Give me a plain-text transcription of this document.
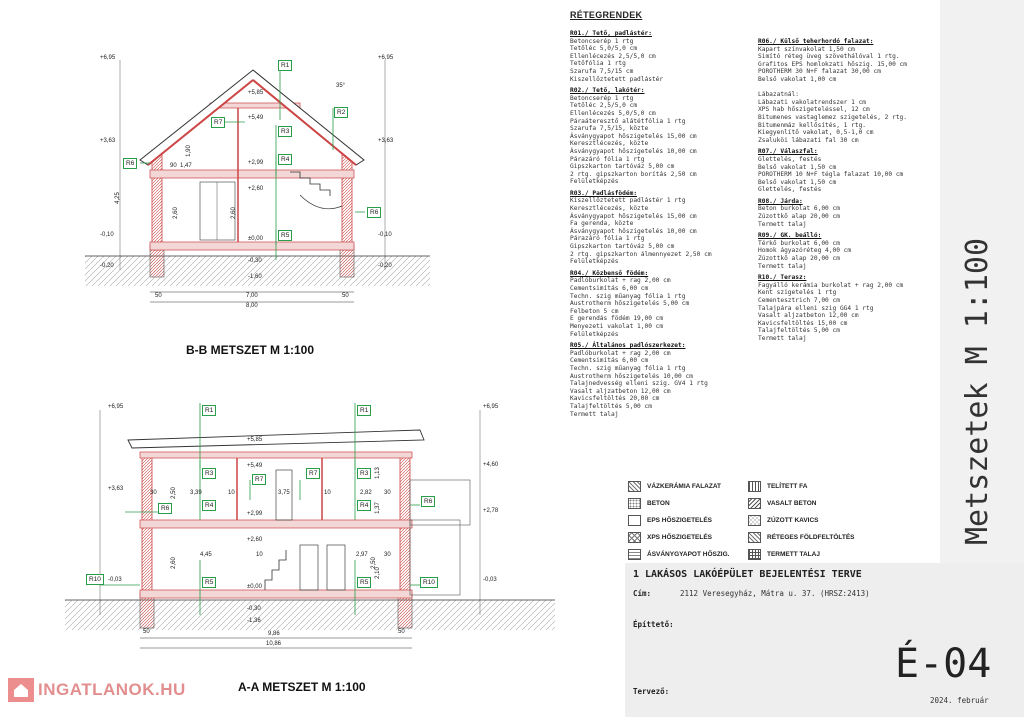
+6,95	+6,95
+5,85
+5,49
+3,63	+3,63
+2,99
+2,60
±0,00
-0,10	-0,10
-0,30
-0,20	-0,20
-1,60
50	7,00	50
8,00
2,60	2,60
4,25
1,47
90
1,90
35°
R1
R2
R3
R4
R5
R6
R6
R7
B-B METSZET M 1:100
+6,95	+6,95
+5,85
+5,49	+4,60
+3,63
+2,99	+2,78
+2,60
±0,00
-0,03	-0,03
-0,30
-1,36
30	3,39	10	3,75	10	2,82 30
4,45	10	2,97	30
50	9,86
10,86
50
2,50
2,60	2,50
1,13
1,37
2,10
R1	R1
R3	R3
R4	R4
R5	R5
R6
R6
R7
R7
R10	R10
A-A METSZET M 1:100
RÉTEGRENDEK
R01./ Tető, padlástér:
Betoncserép 1 rtg
Tetőléc 5,0/5,0 cm
Ellenlécezés 2,5/5,0 cm
Tetőfólia 1 rtg
Szarufa 7,5/15 cm
Kiszellőztetett padlástér
R02./ Tető, lakótér:
Betoncserép 1 rtg
Tetőléc 2,5/5,0 cm
Ellenlécezés 5,0/5,0 cm
Páraáteresztő alátétfólia 1 rtg
Szarufa 7,5/15, közte
Ásványgyapot hőszigetelés 15,00 cm
Keresztlécezés, közte
Ásványgyapot hőszigetelés 10,00 cm
Párazáró fólia 1 rtg
Gipszkarton tartóváz 5,00 cm
2 rtg. gipszkarton borítás 2,50 cm
Felületképzés
R03./ Padlásfödém:
Kiszellőztetett padlástér 1 rtg
Keresztlécezés, közte
Ásványgyapot hőszigetelés 15,00 cm
Fa gerenda, közte
Ásványgyapot hőszigetelés 10,00 cm
Párazáró fólia 1 rtg
Gipszkarton tartóváz 5,00 cm
2 rtg. gipszkarton álmennyezet 2,50 cm
Felületképzés
R04./ Közbenső födém:
Padlóburkolat + rag 2,00 cm
Cementsimítás 6,00 cm
Techn. szig műanyag fólia 1 rtg
Austrotherm hőszigetelés 5,00 cm
Felbeton 5 cm
E gerendás födém 19,00 cm
Menyezeti vakolat 1,00 cm
Felületképzés
R05./ Általános padlószerkezet:
Padlóburkolat + rag 2,00 cm
Cementsimítás 6,00 cm
Techn. szig műanyag fólia 1 rtg
Austrotherm hőszigetelés 10,00 cm
Talajnedvesség elleni szig. GV4 1 rtg
Vasalt aljzatbeton 12,00 cm
Kavicsfeltöltés 20,00 cm
Talajfeltöltés 5,00 cm
Termett talaj
R06./ Külső teherhordó falazat:
Kapart színvakolat 1,50 cm
Simító réteg üveg szövethálóval 1 rtg.
Grafitos EPS homlokzati hőszig. 15,00 cm
POROTHERM 30 N+F falazat 30,00 cm
Belső vakolat 1,00 cm
Lábazatnál:
Lábazati vakolatrendszer 1 cm
XPS hab hőszigeteléssel, 12 cm
Bitumenes vastaglemez szigetelés, 2 rtg.
Bitumenmáz kellősítés, 1 rtg.
Kiegyenlítő vakolat, 0,5-1,0 cm
Zsaluköi lábazati fal 30 cm
R07./ Válaszfal:
Glettelés, festés
Belső vakolat 1,50 cm
POROTHERM 10 N+F tégla falazat 10,00 cm
Belső vakolat 1,50 cm
Glettelés, festés
R08./ Járda:
Beton burkolat 6,00 cm
Zúzottkő alap 20,00 cm
Termett talaj
R09./ GK. beálló:
Térkő burkolat 6,00 cm
Homok ágyazóréteg 4,00 cm
Zúzottkő alap 20,00 cm
Termett talaj
R10./ Terasz:
Fagyálló kerámia burkolat + rag 2,00 cm
Kent szigetelés 1 rtg
Cementesztrich 7,00 cm
Talajpára elleni szig GG4 1 rtg
Vasalt aljzatbeton 12,00 cm
Kavicsfeltöltés 15,00 cm
Talajfeltöltés 5,00 cm
Termett talaj	Metszetek M 1:100
VÁZKERÁMIA FALAZAT	TELÍTETT FA
BETON	VASALT BETON
EPS HŐSZIGETELÉS	ZÚZOTT KAVICS
XPS HŐSZIGETELÉS	RÉTEGES FÖLDFELTÖLTÉS
ÁSVÁNYGYAPOT HŐSZIG.	TERMETT TALAJ
1 LAKÁSOS LAKÓÉPÜLET BEJELENTÉSI TERVE
Cím:	2112 Veresegyház, Mátra u. 37. (HRSZ:2413)
Építtető:
Tervező:
É-04
2024. február
INGATLANOK.HU
